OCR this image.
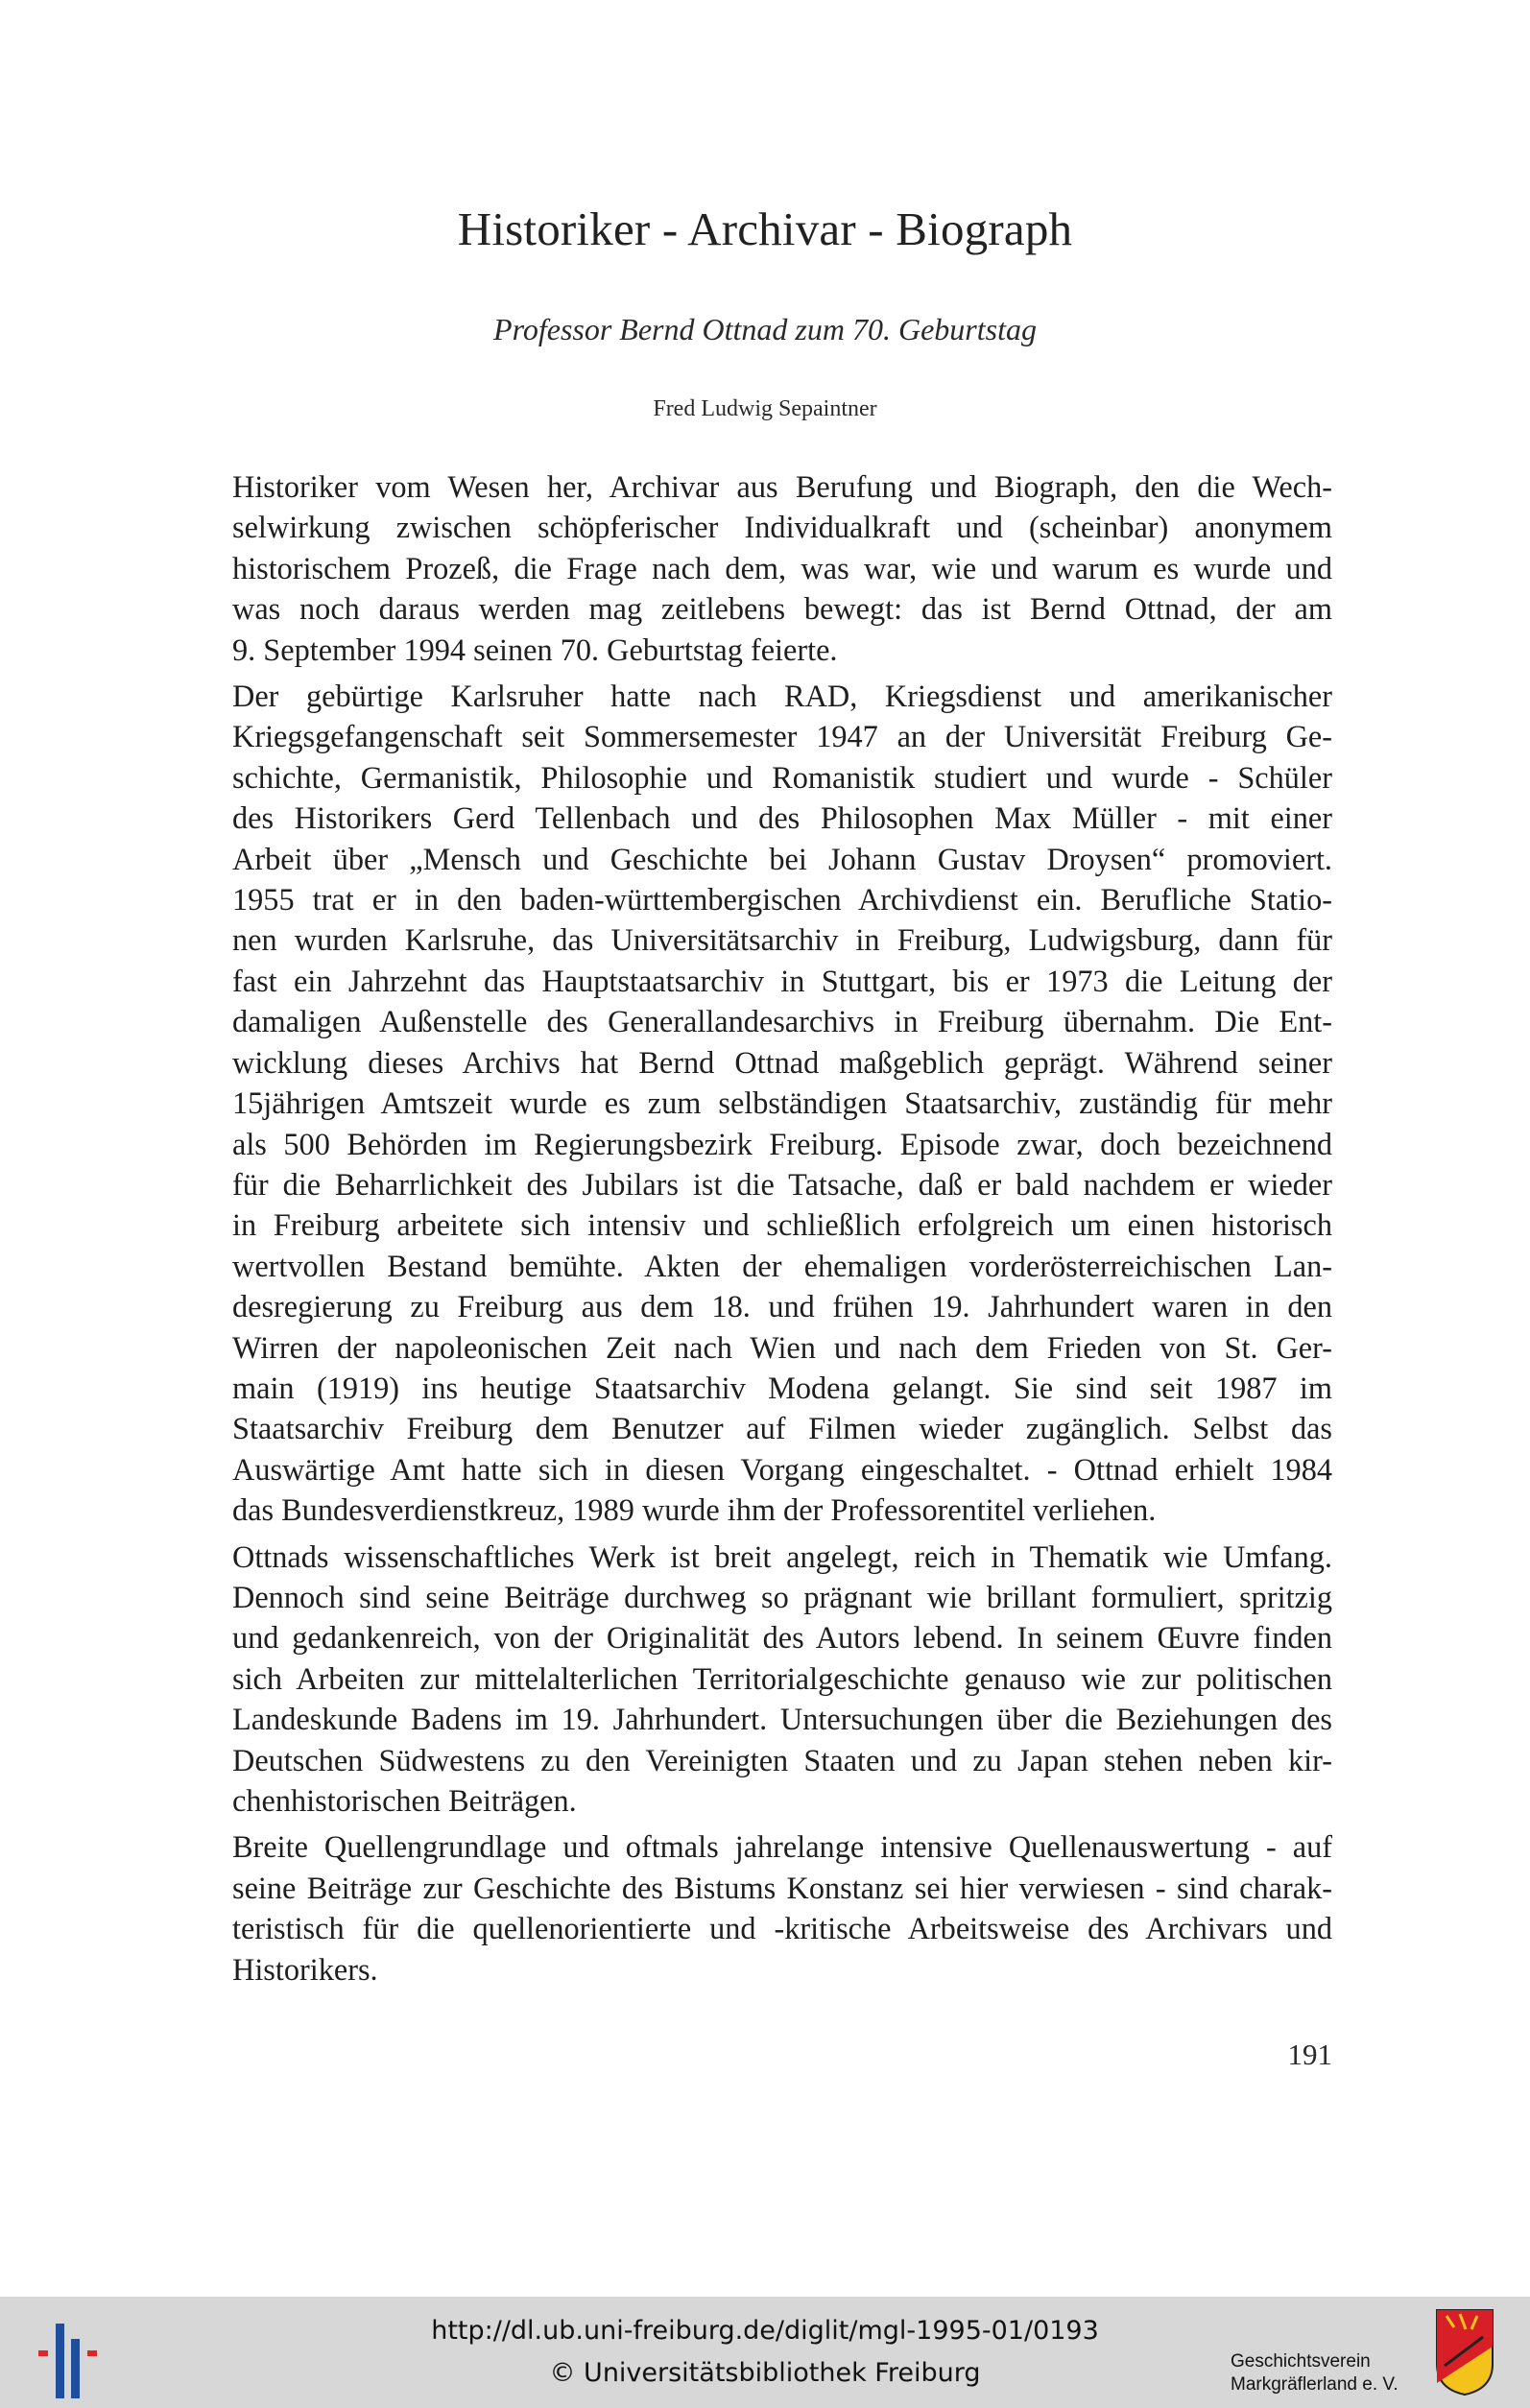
Historiker - Archivar - Biograph
Professor Bernd Ottnad zum 70. Geburtstag
Fred Ludwig Sepaintner

Historiker vom Wesen her, Archivar aus Berufung und Biograph, den die Wech-
selwirkung zwischen schöpferischer Individualkraft und (scheinbar) anonymem
historischem Prozeß, die Frage nach dem, was war, wie und warum es wurde und
was noch daraus werden mag zeitlebens bewegt: das ist Bernd Ottnad, der am
9. September 1994 seinen 70. Geburtstag feierte.

Der gebürtige Karlsruher hatte nach RAD, Kriegsdienst und amerikanischer
Kriegsgefangenschaft seit Sommersemester 1947 an der Universität Freiburg Ge-
schichte, Germanistik, Philosophie und Romanistik studiert und wurde - Schüler
des Historikers Gerd Tellenbach und des Philosophen Max Müller - mit einer
Arbeit über „Mensch und Geschichte bei Johann Gustav Droysen“ promoviert.
1955 trat er in den baden-württembergischen Archivdienst ein. Berufliche Statio-
nen wurden Karlsruhe, das Universitätsarchiv in Freiburg, Ludwigsburg, dann für
fast ein Jahrzehnt das Hauptstaatsarchiv in Stuttgart, bis er 1973 die Leitung der
damaligen Außenstelle des Generallandesarchivs in Freiburg übernahm. Die Ent-
wicklung dieses Archivs hat Bernd Ottnad maßgeblich geprägt. Während seiner
15jährigen Amtszeit wurde es zum selbständigen Staatsarchiv, zuständig für mehr
als 500 Behörden im Regierungsbezirk Freiburg. Episode zwar, doch bezeichnend
für die Beharrlichkeit des Jubilars ist die Tatsache, daß er bald nachdem er wieder
in Freiburg arbeitete sich intensiv und schließlich erfolgreich um einen historisch
wertvollen Bestand bemühte. Akten der ehemaligen vorderösterreichischen Lan-
desregierung zu Freiburg aus dem 18. und frühen 19. Jahrhundert waren in den
Wirren der napoleonischen Zeit nach Wien und nach dem Frieden von St. Ger-
main (1919) ins heutige Staatsarchiv Modena gelangt. Sie sind seit 1987 im
Staatsarchiv Freiburg dem Benutzer auf Filmen wieder zugänglich. Selbst das
Auswärtige Amt hatte sich in diesen Vorgang eingeschaltet. - Ottnad erhielt 1984
das Bundesverdienstkreuz, 1989 wurde ihm der Professorentitel verliehen.

Ottnads wissenschaftliches Werk ist breit angelegt, reich in Thematik wie Umfang.
Dennoch sind seine Beiträge durchweg so prägnant wie brillant formuliert, spritzig
und gedankenreich, von der Originalität des Autors lebend. In seinem Œuvre finden
sich Arbeiten zur mittelalterlichen Territorialgeschichte genauso wie zur politischen
Landeskunde Badens im 19. Jahrhundert. Untersuchungen über die Beziehungen des
Deutschen Südwestens zu den Vereinigten Staaten und zu Japan stehen neben kir-
chenhistorischen Beiträgen.

Breite Quellengrundlage und oftmals jahrelange intensive Quellenauswertung - auf
seine Beiträge zur Geschichte des Bistums Konstanz sei hier verwiesen - sind charak-
teristisch für die quellenorientierte und -kritische Arbeitsweise des Archivars und
Historikers.

191
http://dl.ub.uni-freiburg.de/diglit/mgl-1995-01/0193
© Universitätsbibliothek Freiburg	Geschichtsverein
Markgräflerland e. V.
